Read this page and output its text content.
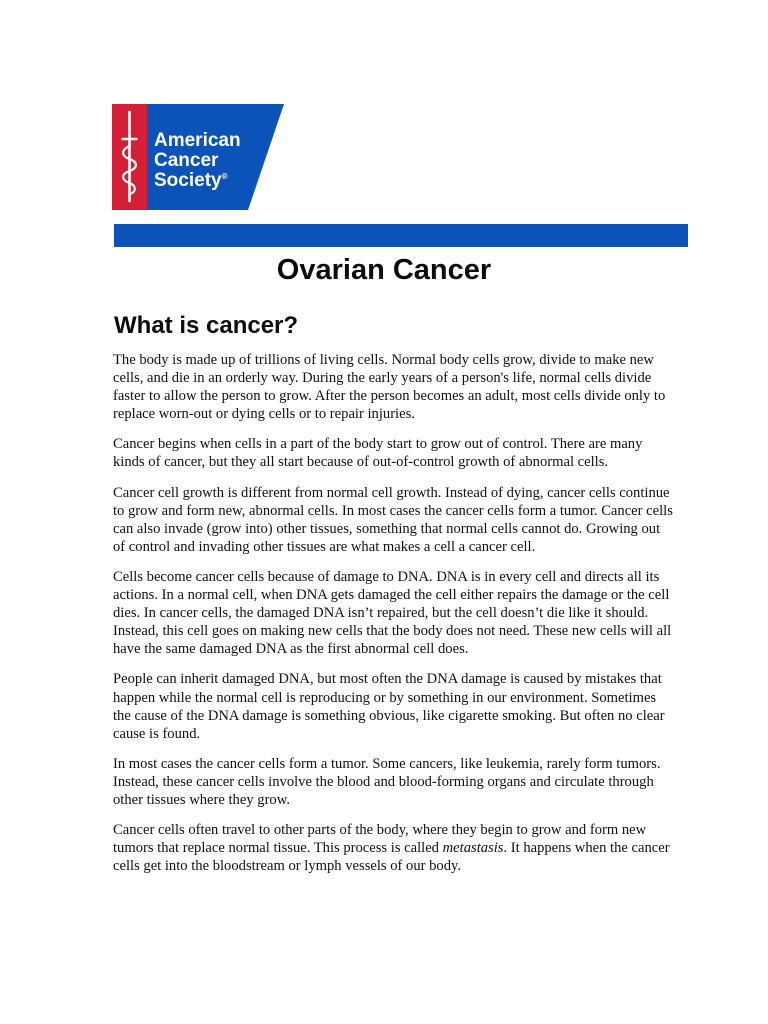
American
Cancer
Society®
Ovarian Cancer
What is cancer?

The body is made up of trillions of living cells. Normal body cells grow, divide to make new cells, and die in an orderly way. During the early years of a person's life, normal cells divide faster to allow the person to grow. After the person becomes an adult, most cells divide only to replace worn-out or dying cells or to repair injuries.

Cancer begins when cells in a part of the body start to grow out of control. There are many kinds of cancer, but they all start because of out-of-control growth of abnormal cells.

Cancer cell growth is different from normal cell growth. Instead of dying, cancer cells continue to grow and form new, abnormal cells. In most cases the cancer cells form a tumor. Cancer cells can also invade (grow into) other tissues, something that normal cells cannot do. Growing out of control and invading other tissues are what makes a cell a cancer cell.

Cells become cancer cells because of damage to DNA. DNA is in every cell and directs all its actions. In a normal cell, when DNA gets damaged the cell either repairs the damage or the cell dies. In cancer cells, the damaged DNA isn’t repaired, but the cell doesn’t die like it should. Instead, this cell goes on making new cells that the body does not need. These new cells will all have the same damaged DNA as the first abnormal cell does.

People can inherit damaged DNA, but most often the DNA damage is caused by mistakes that happen while the normal cell is reproducing or by something in our environment. Sometimes the cause of the DNA damage is something obvious, like cigarette smoking. But often no clear cause is found.

In most cases the cancer cells form a tumor. Some cancers, like leukemia, rarely form tumors. Instead, these cancer cells involve the blood and blood-forming organs and circulate through other tissues where they grow.

Cancer cells often travel to other parts of the body, where they begin to grow and form new tumors that replace normal tissue. This process is called metastasis. It happens when the cancer cells get into the bloodstream or lymph vessels of our body.
